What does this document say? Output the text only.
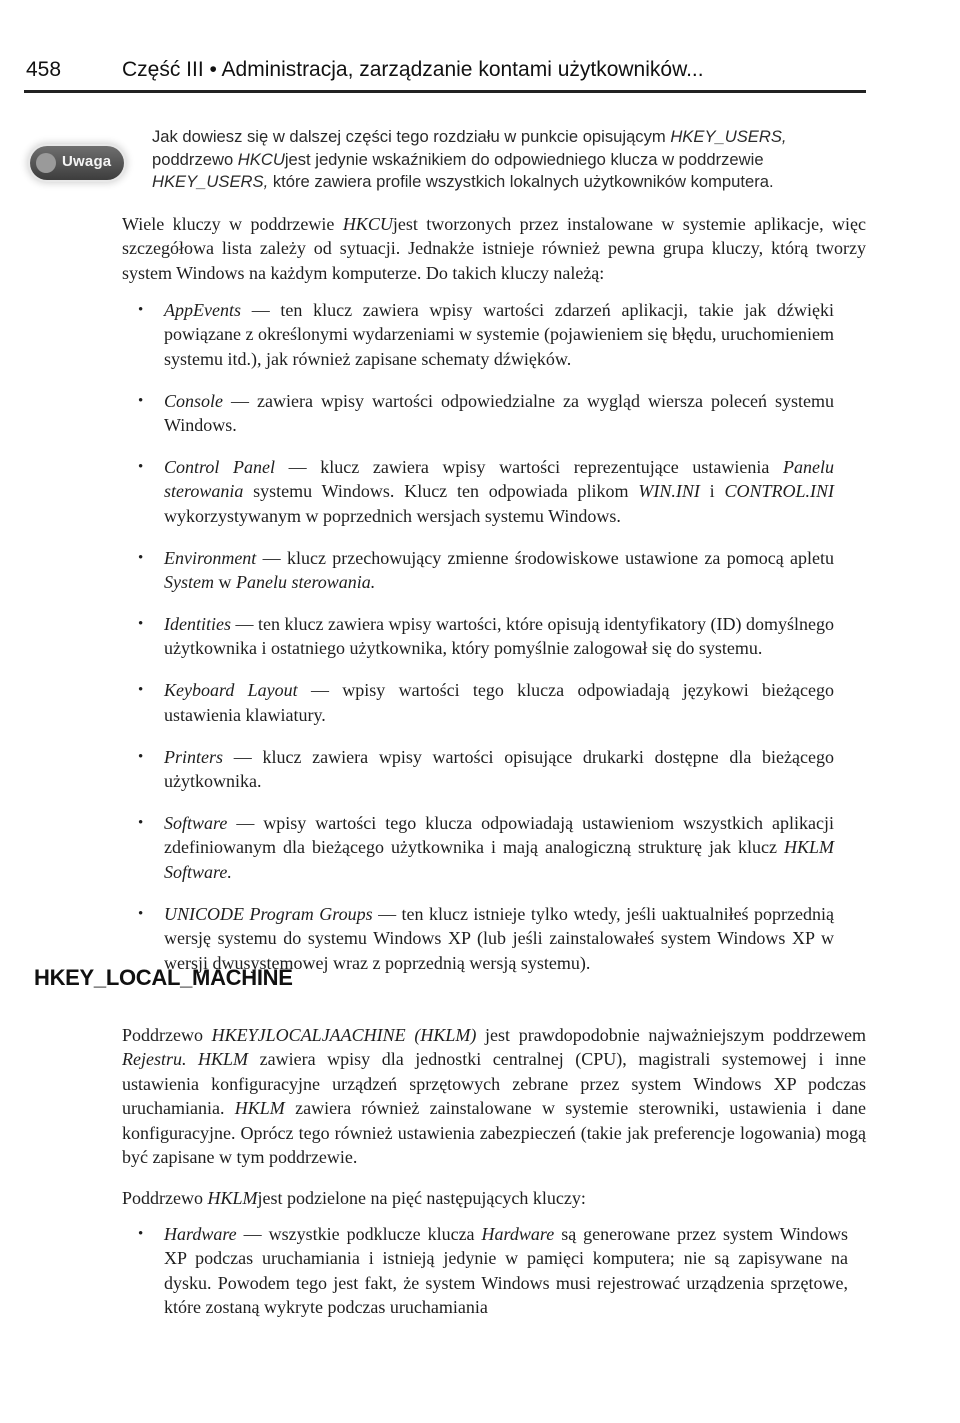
458	Część III • Administracja, zarządzanie kontami użytkowników...
Uwaga
Jak dowiesz się w dalszej części tego rozdziału w punkcie opisującym HKEY_USERS, poddrzewo HKCUjest jedynie wskaźnikiem do odpowiedniego klucza w poddrzewie HKEY_USERS, które zawiera profile wszystkich lokalnych użytkowników komputera.
Wiele kluczy w poddrzewie HKCUjest tworzonych przez instalowane w systemie aplikacje, więc szczegółowa lista zależy od sytuacji. Jednakże istnieje również pewna grupa kluczy, którą tworzy system Windows na każdym komputerze. Do takich kluczy należą:
• AppEvents — ten klucz zawiera wpisy wartości zdarzeń aplikacji, takie jak dźwięki powiązane z określonymi wydarzeniami w systemie (pojawieniem się błędu, uruchomieniem systemu itd.), jak również zapisane schematy dźwięków.
• Console — zawiera wpisy wartości odpowiedzialne za wygląd wiersza poleceń systemu Windows.
• Control Panel — klucz zawiera wpisy wartości reprezentujące ustawienia Panelu sterowania systemu Windows. Klucz ten odpowiada plikom WIN.INI i CONTROL.INI wykorzystywanym w poprzednich wersjach systemu Windows.
• Environment — klucz przechowujący zmienne środowiskowe ustawione za pomocą apletu System w Panelu sterowania.
• Identities — ten klucz zawiera wpisy wartości, które opisują identyfikatory (ID) domyślnego użytkownika i ostatniego użytkownika, który pomyślnie zalogował się do systemu.
• Keyboard Layout — wpisy wartości tego klucza odpowiadają językowi bieżącego ustawienia klawiatury.
• Printers — klucz zawiera wpisy wartości opisujące drukarki dostępne dla bieżącego użytkownika.
• Software — wpisy wartości tego klucza odpowiadają ustawieniom wszystkich aplikacji zdefiniowanym dla bieżącego użytkownika i mają analogiczną strukturę jak klucz HKLM Software.
• UNICODE Program Groups — ten klucz istnieje tylko wtedy, jeśli uaktualniłeś poprzednią wersję systemu do systemu Windows XP (lub jeśli zainstalowałeś system Windows XP w wersji dwusystemowej wraz z poprzednią wersją systemu).
HKEY_LOCAL_MACHINE
Poddrzewo HKEYJLOCALJAACHINE (HKLM) jest prawdopodobnie najważniejszym poddrzewem Rejestru. HKLM zawiera wpisy dla jednostki centralnej (CPU), magistrali systemowej i inne ustawienia konfiguracyjne urządzeń sprzętowych zebrane przez system Windows XP podczas uruchamiania. HKLM zawiera również zainstalowane w systemie sterowniki, ustawienia i dane konfiguracyjne. Oprócz tego również ustawienia zabezpieczeń (takie jak preferencje logowania) mogą być zapisane w tym poddrzewie.
Poddrzewo HKLMjest podzielone na pięć następujących kluczy:
• Hardware — wszystkie podklucze klucza Hardware są generowane przez system Windows XP podczas uruchamiania i istnieją jedynie w pamięci komputera; nie są zapisywane na dysku. Powodem tego jest fakt, że system Windows musi rejestrować urządzenia sprzętowe, które zostaną wykryte podczas uruchamiania
